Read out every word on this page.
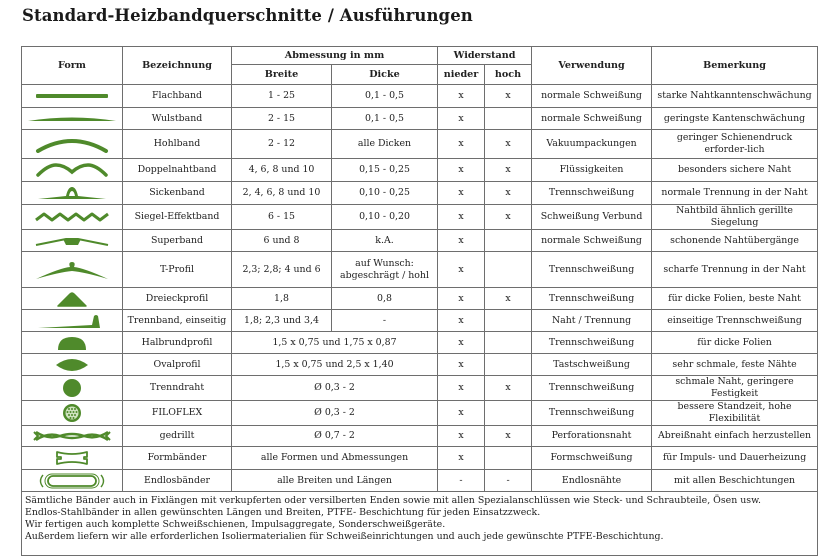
Standard-Heizbandquerschnitte / Ausführungen
Form	Bezeichnung	Abmessung in mm		Widerstand		Verwendung	Bemerkung
		Breite	Dicke	nieder	hoch		

	Flachband	1 - 25	0,1 - 0,5	x	x	normale Schweißung	starke Nahtkanntenschwächung

	Wulstband	2 - 15	0,1 - 0,5	x		normale Schweißung	geringste Kantenschwächung

	Hohlband	2 - 12	alle Dicken	x	x	Vakuumpackungen	geringer Schienendruck erforder-lich

	Doppelnahtband	4, 6, 8 und 10	0,15 - 0,25	x	x	Flüssigkeiten	besonders sichere Naht

	Sickenband	2, 4, 6, 8 und 10	0,10 - 0,25	x	x	Trennschweißung	normale Trennung in der Naht

	Siegel-Effektband	6 - 15	0,10 - 0,20	x	x	Schweißung Verbund	Nahtbild ähnlich gerillte Siegelung

	Superband	6 und 8	k.A.	x		normale Schweißung	schonende Nahtübergänge

	T-Profil	2,3; 2,8; 4 und 6	auf Wunsch: abgeschrägt / hohl	x		Trennschweißung	scharfe Trennung in der Naht

	Dreieckprofil	1,8	0,8	x	x	Trennschweißung	für dicke Folien, beste Naht

	Trennband, einseitig	1,8; 2,3 und 3,4	-	x		Naht / Trennung	einseitige Trennschweißung

	Halbrundprofil	1,5 x 0,75 und 1,75 x 0,87		x		Trennschweißung	für dicke Folien

	Ovalprofil	1,5 x 0,75 und 2,5 x 1,40		x		Tastschweißung	sehr schmale, feste Nähte

	Trenndraht	Ø 0,3 - 2		x	x	Trennschweißung	schmale Naht, geringere Festigkeit

	FILOFLEX	Ø 0,3 - 2		x		Trennschweißung	bessere Standzeit, hohe Flexibilität

	gedrillt	Ø 0,7 - 2		x	x	Perforationsnaht	Abreißnaht einfach herzustellen

	Formbänder	alle Formen und Abmessungen		x		Formschweißung	für Impuls- und Dauerheizung

	Endlosbänder	alle Breiten und Längen		-	-	Endlosnähte	mit allen Beschichtungen

Sämtliche Bänder auch in Fixlängen mit verkupferten oder versilberten Enden sowie mit allen Spezialanschlüssen wie Steck- und Schraubteile, Ösen usw.
Endlos-Stahlbänder in allen gewünschten Längen und Breiten, PTFE- Beschichtung für jeden Einsatzzweck.
Wir fertigen auch komplette Schweißschienen, Impulsaggregate, Sonderschweißgeräte.
Außerdem liefern wir alle erforderlichen Isoliermaterialien für Schweißeinrichtungen und auch jede gewünschte PTFE-Beschichtung.							
